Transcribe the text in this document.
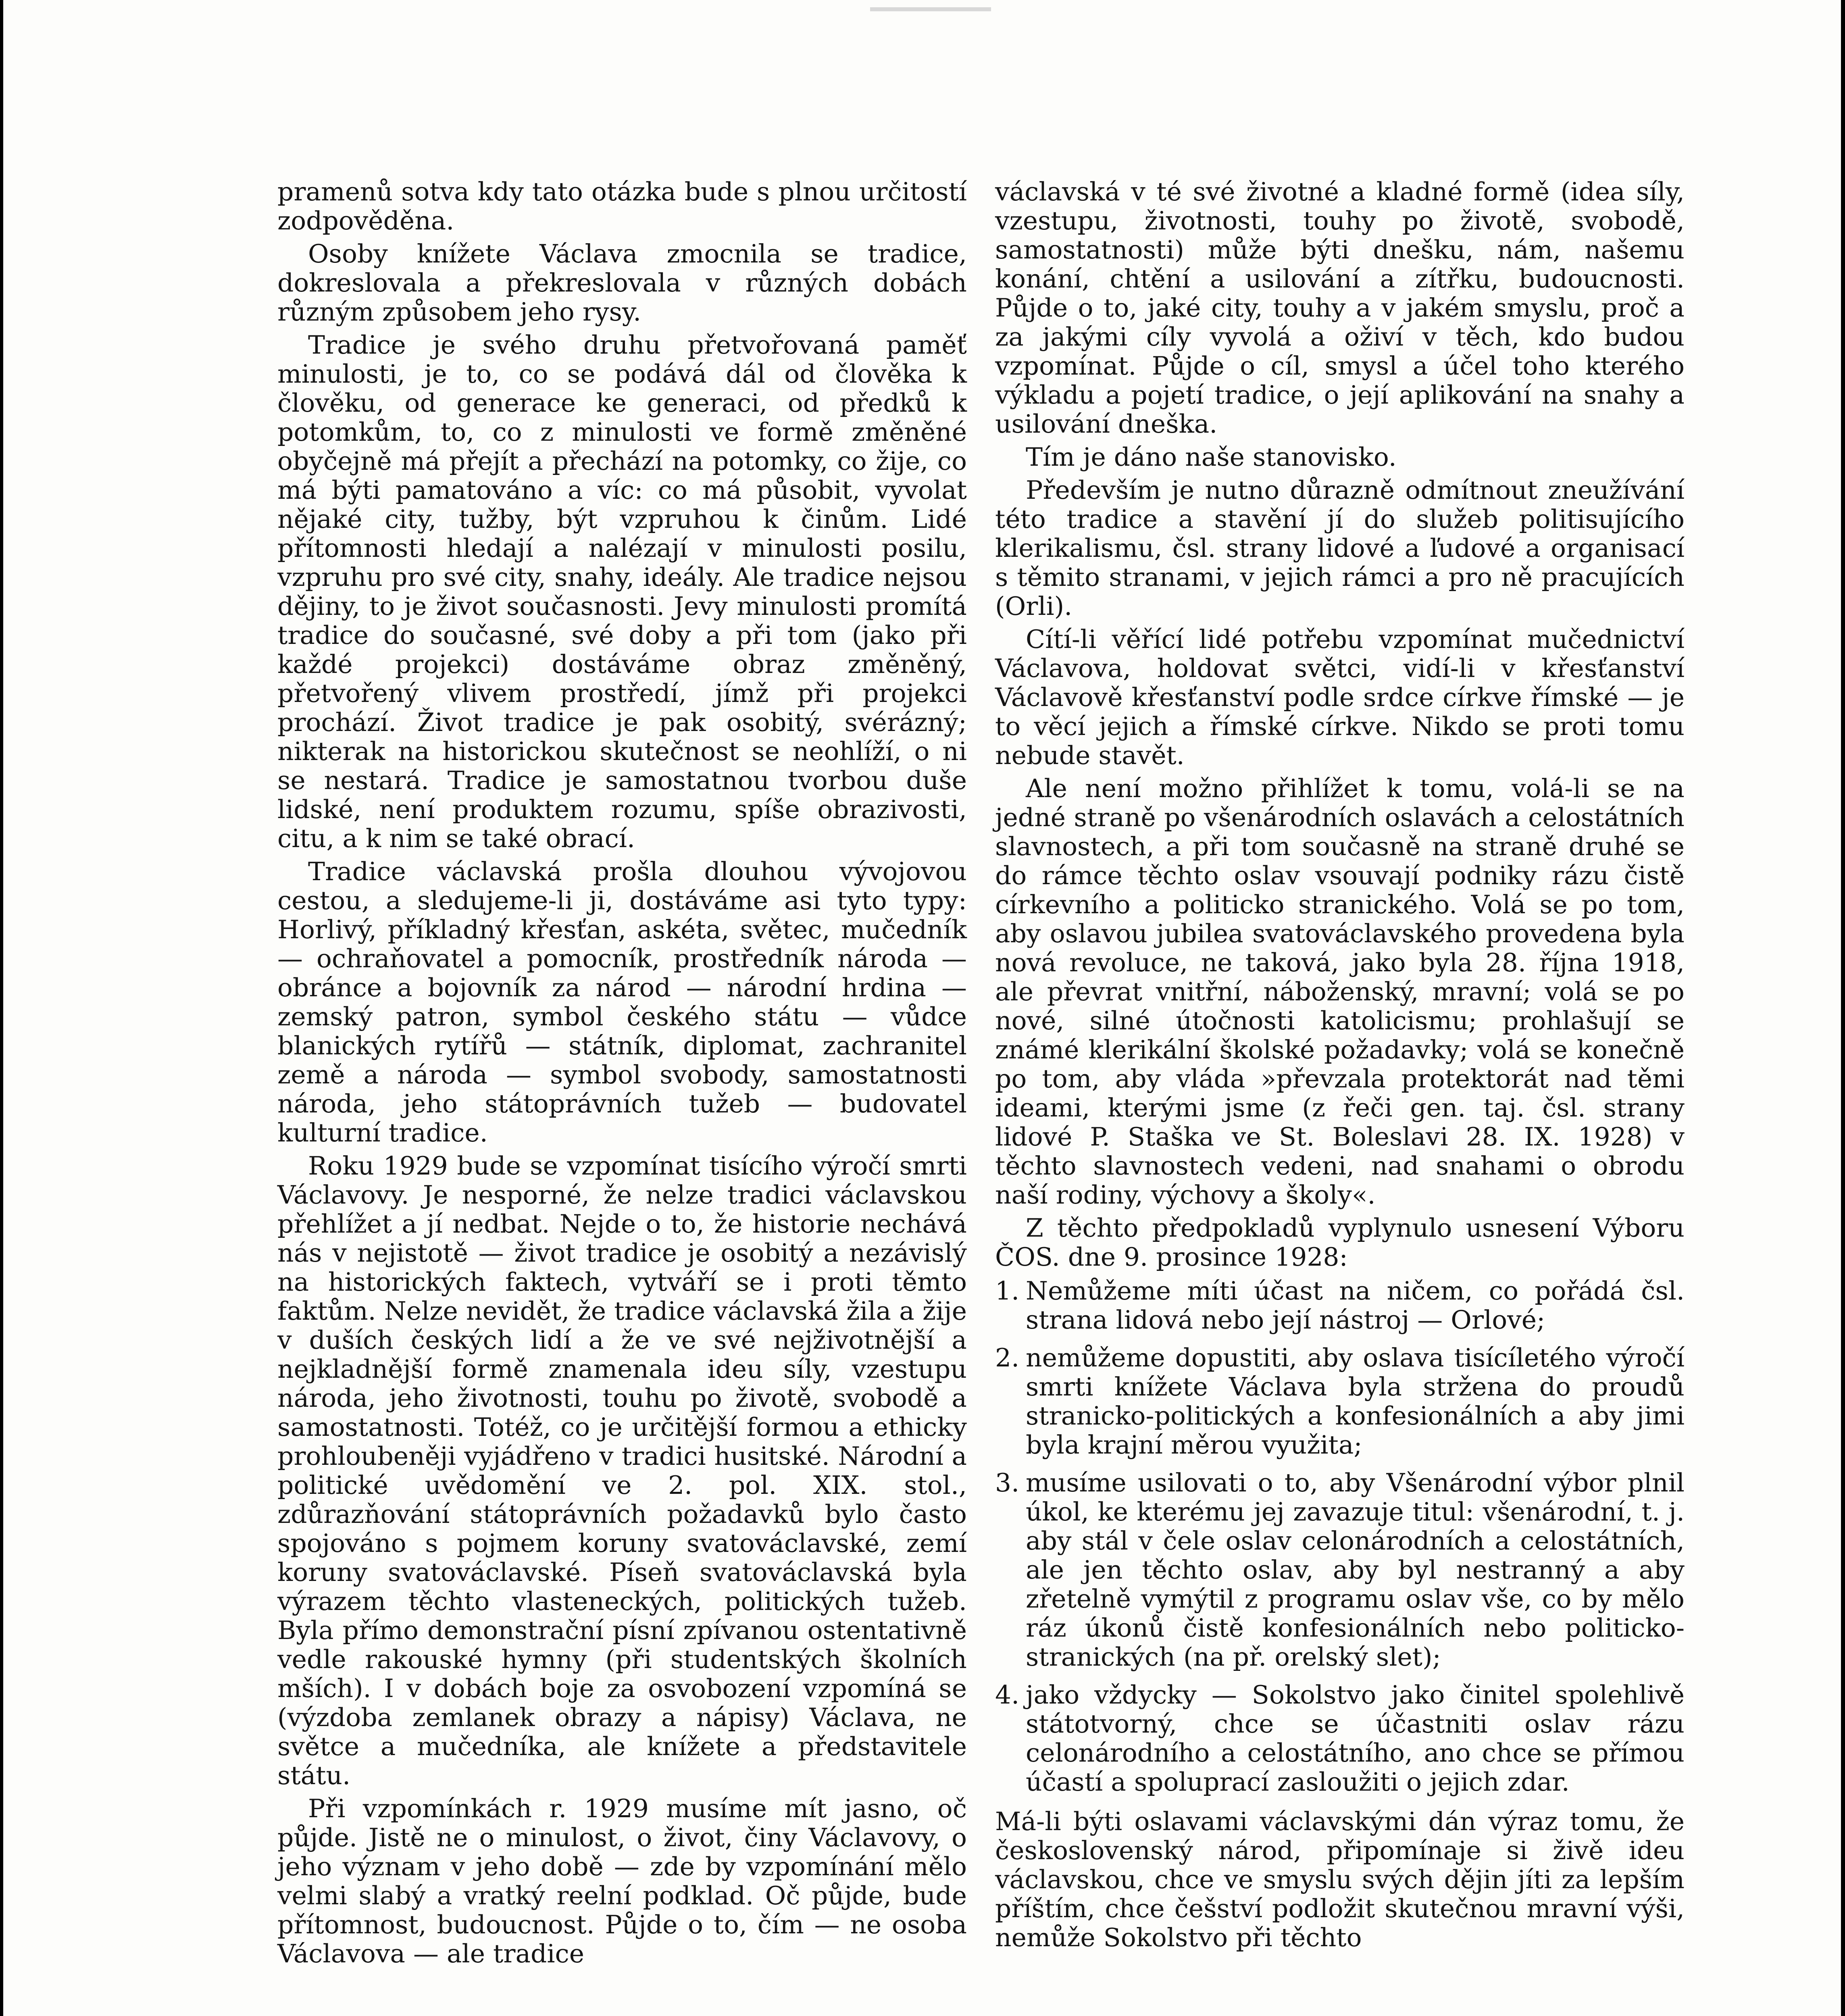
pramenů sotva kdy tato otázka bude s plnou určitostí zodpověděna.

Osoby knížete Václava zmocnila se tradice, dokreslovala a překreslovala v různých dobách různým způsobem jeho rysy.

Tradice je svého druhu přetvořovaná paměť minulosti, je to, co se podává dál od člověka k člověku, od generace ke generaci, od předků k potomkům, to, co z minulosti ve formě změněné obyčejně má přejít a přechází na potomky, co žije, co má býti pamatováno a víc: co má působit, vyvolat nějaké city, tužby, být vzpruhou k činům. Lidé přítomnosti hledají a nalézají v minulosti posilu, vzpruhu pro své city, snahy, ideály. Ale tradice nejsou dějiny, to je život současnosti. Jevy minulosti promítá tradice do současné, své doby a při tom (jako při každé projekci) dostáváme obraz změněný, přetvořený vlivem prostředí, jímž při projekci prochází. Život tradice je pak osobitý, svérázný; nikterak na historickou skutečnost se neohlíží, o ni se nestará. Tradice je samostatnou tvorbou duše lidské, není produktem rozumu, spíše obrazivosti, citu, a k nim se také obrací.

Tradice václavská prošla dlouhou vývojovou cestou, a sledujeme-li ji, dostáváme asi tyto typy: Horlivý, příkladný křesťan, askéta, světec, mučedník — ochraňovatel a pomocník, prostředník národa — obránce a bojovník za národ — národní hrdina — zemský patron, symbol českého státu — vůdce blanických rytířů — státník, diplomat, zachranitel země a národa — symbol svobody, samostatnosti národa, jeho státoprávních tužeb — budovatel kulturní tradice.

Roku 1929 bude se vzpomínat tisícího výročí smrti Václavovy. Je nesporné, že nelze tradici václavskou přehlížet a jí nedbat. Nejde o to, že historie nechává nás v nejistotě — život tradice je osobitý a nezávislý na historických faktech, vytváří se i proti těmto faktům. Nelze nevidět, že tradice václavská žila a žije v duších českých lidí a že ve své nejživotnější a nejkladnější formě znamenala ideu síly, vzestupu národa, jeho životnosti, touhu po životě, svobodě a samostatnosti. Totéž, co je určitější formou a ethicky prohloubeněji vyjádřeno v tradici husitské. Národní a politické uvědomění ve 2. pol. XIX. stol., zdůrazňování státoprávních požadavků bylo často spojováno s pojmem koruny svatováclavské, zemí koruny svatováclavské. Píseň svatováclavská byla výrazem těchto vlasteneckých, politických tužeb. Byla přímo demonstrační písní zpívanou ostentativně vedle rakouské hymny (při studentských školních mších). I v dobách boje za osvobození vzpomíná se (výzdoba zemlanek obrazy a nápisy) Václava, ne světce a mučedníka, ale knížete a představitele státu.

Při vzpomínkách r. 1929 musíme mít jasno, oč půjde. Jistě ne o minulost, o život, činy Václavovy, o jeho význam v jeho době — zde by vzpomínání mělo velmi slabý a vratký reelní podklad. Oč půjde, bude přítomnost, budoucnost. Půjde o to, čím — ne osoba Václavova — ale tradice

václavská v té své životné a kladné formě (idea síly, vzestupu, životnosti, touhy po životě, svobodě, samostatnosti) může býti dnešku, nám, našemu konání, chtění a usilování a zítřku, budoucnosti. Půjde o to, jaké city, touhy a v jakém smyslu, proč a za jakými cíly vyvolá a oživí v těch, kdo budou vzpomínat. Půjde o cíl, smysl a účel toho kterého výkladu a pojetí tradice, o její aplikování na snahy a usilování dneška.

Tím je dáno naše stanovisko.

Především je nutno důrazně odmítnout zneužívání této tradice a stavění jí do služeb politisujícího klerikalismu, čsl. strany lidové a ľudové a organisací s těmito stranami, v jejich rámci a pro ně pracujících (Orli).

Cítí-li věřící lidé potřebu vzpomínat mučednictví Václavova, holdovat světci, vidí-li v křesťanství Václavově křesťanství podle srdce církve římské — je to věcí jejich a římské církve. Nikdo se proti tomu nebude stavět.

Ale není možno přihlížet k tomu, volá-li se na jedné straně po všenárodních oslavách a celostátních slavnostech, a při tom současně na straně druhé se do rámce těchto oslav vsouvají podniky rázu čistě církevního a politicko stranického. Volá se po tom, aby oslavou jubilea svatováclavského provedena byla nová revoluce, ne taková, jako byla 28. října 1918, ale převrat vnitřní, náboženský, mravní; volá se po nové, silné útočnosti katolicismu; prohlašují se známé klerikální školské požadavky; volá se konečně po tom, aby vláda »převzala protektorát nad těmi ideami, kterými jsme (z řeči gen. taj. čsl. strany lidové P. Staška ve St. Boleslavi 28. IX. 1928) v těchto slavnostech vedeni, nad snahami o obrodu naší rodiny, výchovy a školy«.

Z těchto předpokladů vyplynulo usnesení Výboru ČOS. dne 9. prosince 1928:

1. Nemůžeme míti účast na ničem, co pořádá čsl. strana lidová nebo její nástroj — Orlové;
2. nemůžeme dopustiti, aby oslava tisícíletého výročí smrti knížete Václava byla stržena do proudů stranicko-politických a konfesionálních a aby jimi byla krajní měrou využita;
3. musíme usilovati o to, aby Všenárodní výbor plnil úkol, ke kterému jej zavazuje titul: všenárodní, t. j. aby stál v čele oslav celonárodních a celostátních, ale jen těchto oslav, aby byl nestranný a aby zřetelně vymýtil z programu oslav vše, co by mělo ráz úkonů čistě konfesionálních nebo politicko-stranických (na př. orelský slet);
4. jako vždycky — Sokolstvo jako činitel spolehlivě státotvorný, chce se účastniti oslav rázu celonárodního a celostátního, ano chce se přímou účastí a spoluprací zasloužiti o jejich zdar.

Má-li býti oslavami václavskými dán výraz tomu, že československý národ, připomínaje si živě ideu václavskou, chce ve smyslu svých dějin jíti za lepším příštím, chce češství podložit skutečnou mravní výši, nemůže Sokolstvo při těchto
